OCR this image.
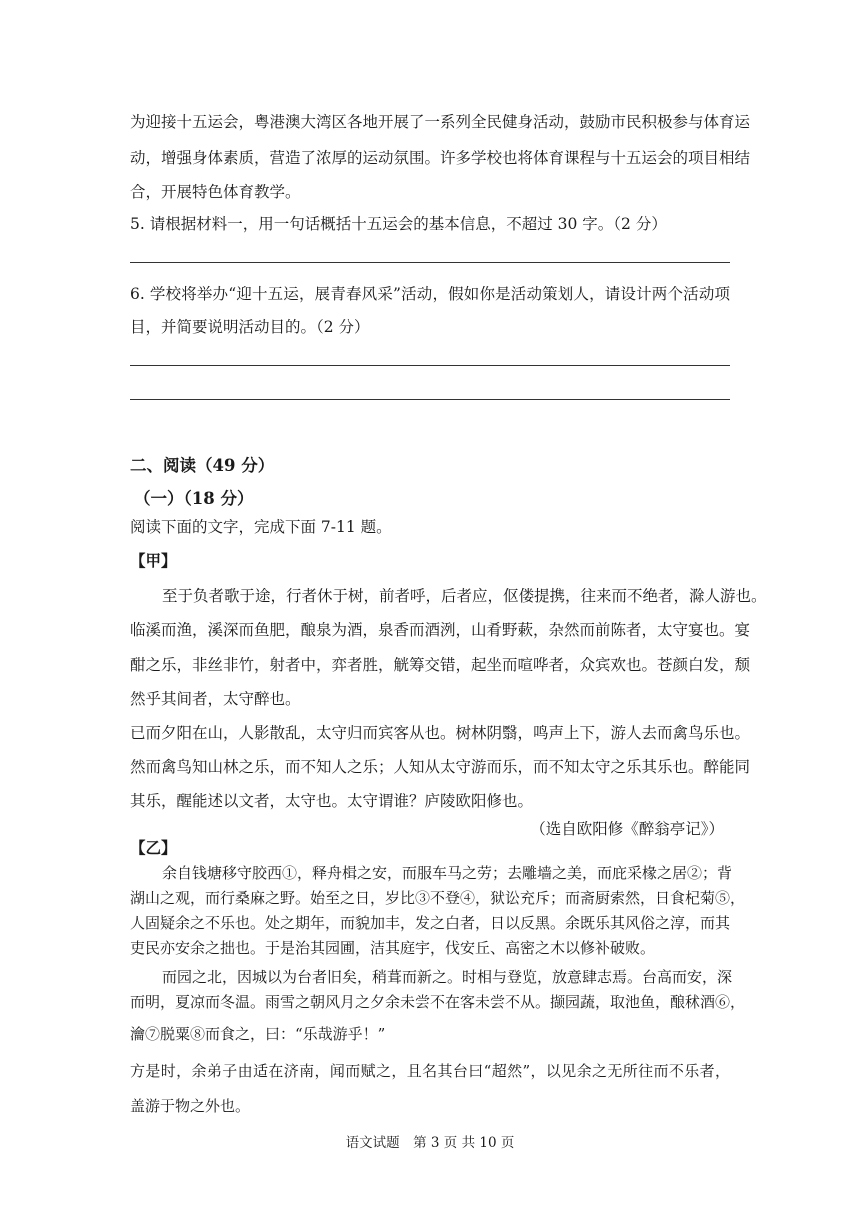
为迎接十五运会，粤港澳大湾区各地开展了一系列全民健身活动，鼓励市民积极参与体育运
动，增强身体素质，营造了浓厚的运动氛围。许多学校也将体育课程与十五运会的项目相结
合，开展特色体育教学。
5. 请根据材料一，用一句话概括十五运会的基本信息，不超过 30 字。（2 分）
6. 学校将举办“迎十五运，展青春风采”活动，假如你是活动策划人，请设计两个活动项
目，并简要说明活动目的。（2 分）
二、阅读（49 分）
（一）（18 分）
阅读下面的文字，完成下面 7-11 题。
【甲】
至于负者歌于途，行者休于树，前者呼，后者应，伛偻提携，往来而不绝者，滁人游也。
临溪而渔，溪深而鱼肥，酿泉为酒，泉香而酒洌，山肴野蔌，杂然而前陈者，太守宴也。宴
酣之乐，非丝非竹，射者中，弈者胜，觥筹交错，起坐而喧哗者，众宾欢也。苍颜白发，颓
然乎其间者，太守醉也。
已而夕阳在山，人影散乱，太守归而宾客从也。树林阴翳，鸣声上下，游人去而禽鸟乐也。
然而禽鸟知山林之乐，而不知人之乐；人知从太守游而乐，而不知太守之乐其乐也。醉能同
其乐，醒能述以文者，太守也。太守谓谁？庐陵欧阳修也。
（选自欧阳修《醉翁亭记》）
【乙】
余自钱塘移守胶西①，释舟楫之安，而服车马之劳；去雕墙之美，而庇采椽之居②；背
湖山之观，而行桑麻之野。始至之日，岁比③不登④，狱讼充斥；而斋厨索然，日食杞菊⑤，
人固疑余之不乐也。处之期年，而貌加丰，发之白者，日以反黑。余既乐其风俗之淳，而其
吏民亦安余之拙也。于是治其园圃，洁其庭宇，伐安丘、高密之木以修补破败。
而园之北，因城以为台者旧矣，稍葺而新之。时相与登览，放意肆志焉。台高而安，深
而明，夏凉而冬温。雨雪之朝风月之夕余未尝不在客未尝不从。撷园蔬，取池鱼，酿秫酒⑥，
瀹⑦脱粟⑧而食之，曰：“乐哉游乎！”
方是时，余弟子由适在济南，闻而赋之，且名其台曰“超然”，以见余之无所往而不乐者，
盖游于物之外也。
语文试题　第 3 页 共 10 页
